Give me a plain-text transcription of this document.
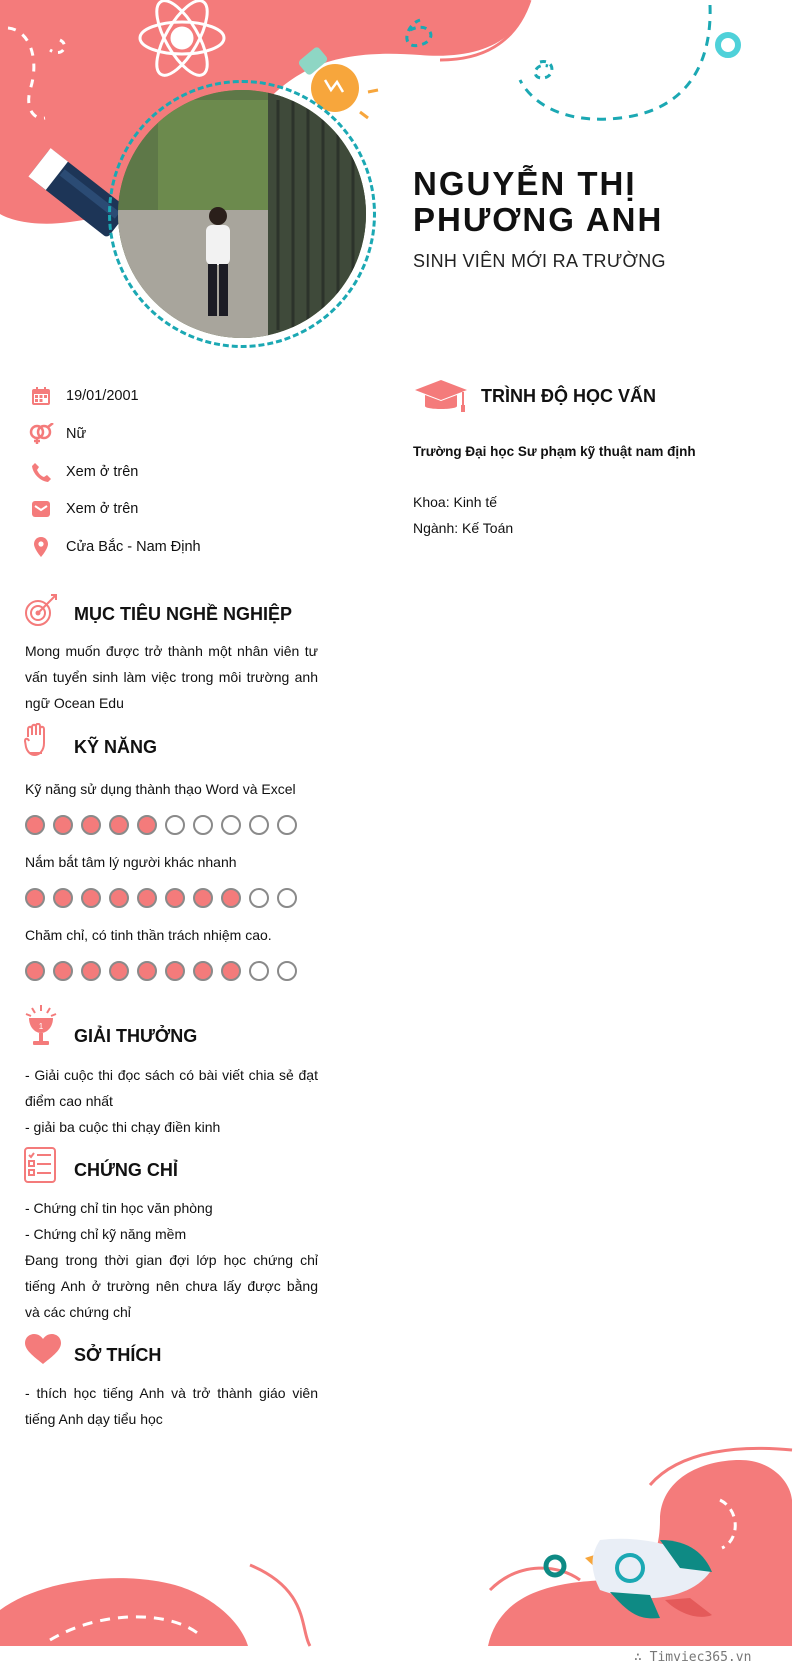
NGUYỄN THỊ PHƯƠNG ANH
SINH VIÊN MỚI RA TRƯỜNG
19/01/2001
Nữ
Xem ở trên
Xem ở trên
Cửa Bắc - Nam Định
MỤC TIÊU NGHỀ NGHIỆP
Mong muốn được trở thành một nhân viên tư vấn tuyển sinh làm việc trong môi trường anh ngữ Ocean Edu
KỸ NĂNG
Kỹ năng sử dụng thành thạo Word và Excel
Nắm bắt tâm lý người khác nhanh
Chăm chỉ, có tinh thần trách nhiệm cao.
1 GIẢI THƯỞNG
- Giải cuộc thi đọc sách có bài viết chia sẻ đạt điểm cao nhất
- giải ba cuộc thi chạy điền kinh
CHỨNG CHỈ
- Chứng chỉ tin học văn phòng
- Chứng chỉ kỹ năng mềm
Đang trong thời gian đợi lớp học chứng chỉ tiếng Anh ở trường nên chưa lấy được bằng và các chứng chỉ
SỞ THÍCH
- thích học tiếng Anh và trở thành giáo viên tiếng Anh dạy tiểu học
TRÌNH ĐỘ HỌC VẤN
Trường Đại học Sư phạm kỹ thuật nam định
Khoa: Kinh tế
Ngành: Kế Toán
∴ Timviec365.vn
